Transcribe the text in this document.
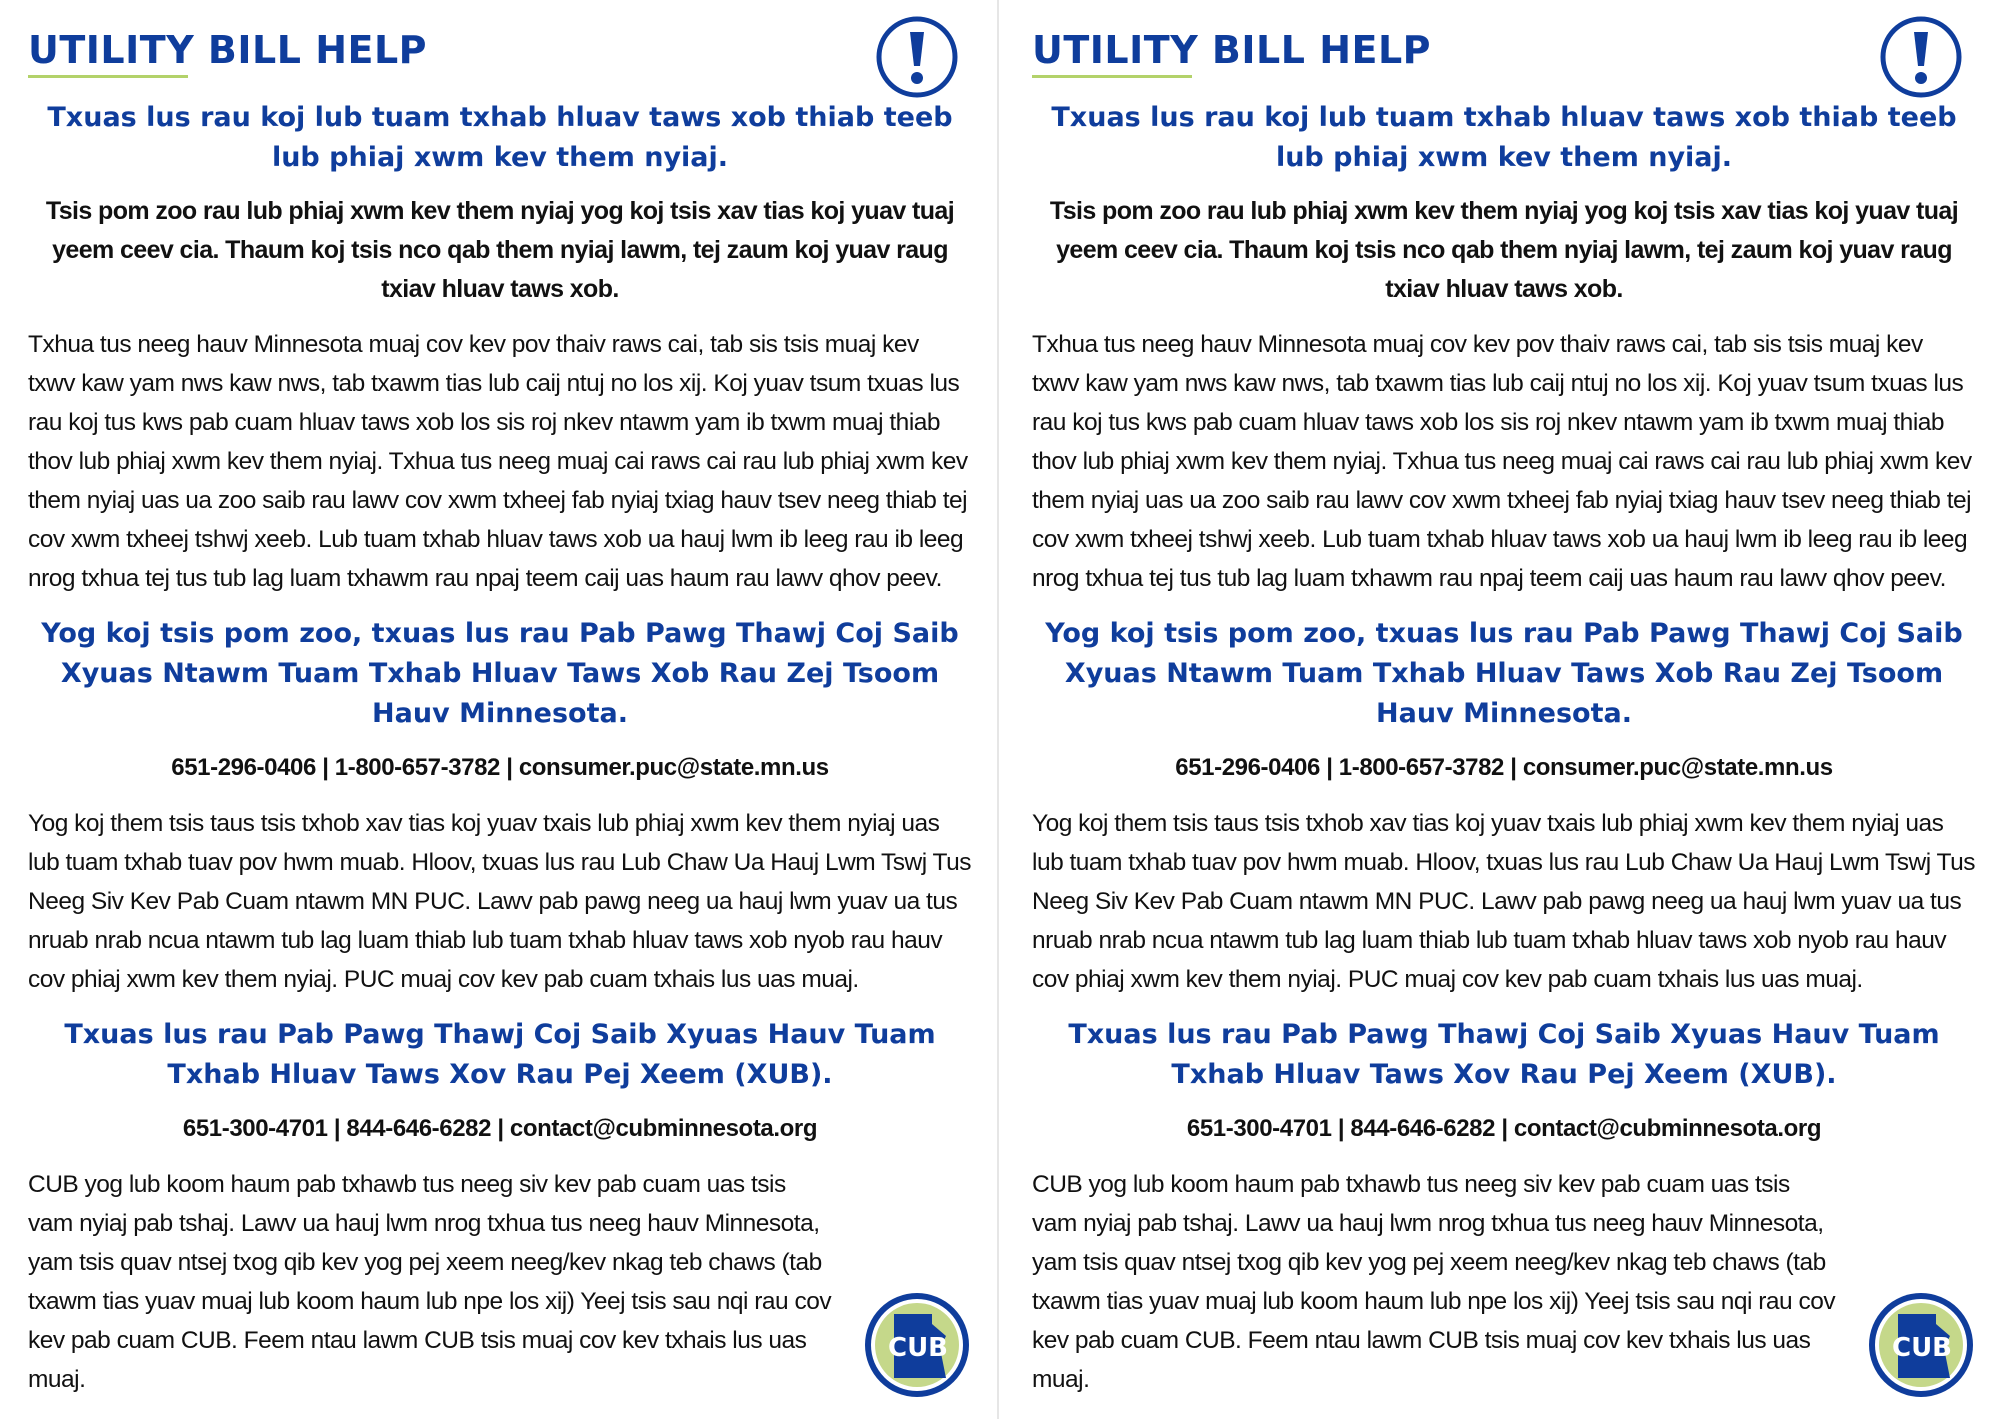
UTILITY BILL HELP
Txuas lus rau koj lub tuam txhab hluav taws xob thiab teeb lub phiaj xwm kev them nyiaj.

Tsis pom zoo rau lub phiaj xwm kev them nyiaj yog koj tsis xav tias koj yuav tuaj yeem ceev cia. Thaum koj tsis nco qab them nyiaj lawm, tej zaum koj yuav raug txiav hluav taws xob.

Txhua tus neeg hauv Minnesota muaj cov kev pov thaiv raws cai, tab sis tsis muaj kev txwv kaw yam nws kaw nws, tab txawm tias lub caij ntuj no los xij. Koj yuav tsum txuas lus rau koj tus kws pab cuam hluav taws xob los sis roj nkev ntawm yam ib txwm muaj thiab thov lub phiaj xwm kev them nyiaj. Txhua tus neeg muaj cai raws cai rau lub phiaj xwm kev them nyiaj uas ua zoo saib rau lawv cov xwm txheej fab nyiaj txiag hauv tsev neeg thiab tej cov xwm txheej tshwj xeeb. Lub tuam txhab hluav taws xob ua hauj lwm ib leeg rau ib leeg nrog txhua tej tus tub lag luam txhawm rau npaj teem caij uas haum rau lawv qhov peev.

Yog koj tsis pom zoo, txuas lus rau Pab Pawg Thawj Coj Saib Xyuas Ntawm Tuam Txhab Hluav Taws Xob Rau Zej Tsoom Hauv Minnesota.

651-296-0406 | 1-800-657-3782 | consumer.puc@state.mn.us

Yog koj them tsis taus tsis txhob xav tias koj yuav txais lub phiaj xwm kev them nyiaj uas lub tuam txhab tuav pov hwm muab. Hloov, txuas lus rau Lub Chaw Ua Hauj Lwm Tswj Tus Neeg Siv Kev Pab Cuam ntawm MN PUC. Lawv pab pawg neeg ua hauj lwm yuav ua tus nruab nrab ncua ntawm tub lag luam thiab lub tuam txhab hluav taws xob nyob rau hauv cov phiaj xwm kev them nyiaj. PUC muaj cov kev pab cuam txhais lus uas muaj.

Txuas lus rau Pab Pawg Thawj Coj Saib Xyuas Hauv Tuam Txhab Hluav Taws Xov Rau Pej Xeem (XUB).

651-300-4701 | 844-646-6282 | contact@cubminnesota.org

CUB yog lub koom haum pab txhawb tus neeg siv kev pab cuam uas tsis vam nyiaj pab tshaj. Lawv ua hauj lwm nrog txhua tus neeg hauv Minnesota, yam tsis quav ntsej txog qib kev yog pej xeem neeg/kev nkag teb chaws (tab txawm tias yuav muaj lub koom haum lub npe los xij) Yeej tsis sau nqi rau cov kev pab cuam CUB. Feem ntau lawm CUB tsis muaj cov kev txhais lus uas muaj.

CUB
UTILITY BILL HELP
Txuas lus rau koj lub tuam txhab hluav taws xob thiab teeb lub phiaj xwm kev them nyiaj.

Tsis pom zoo rau lub phiaj xwm kev them nyiaj yog koj tsis xav tias koj yuav tuaj yeem ceev cia. Thaum koj tsis nco qab them nyiaj lawm, tej zaum koj yuav raug txiav hluav taws xob.

Txhua tus neeg hauv Minnesota muaj cov kev pov thaiv raws cai, tab sis tsis muaj kev txwv kaw yam nws kaw nws, tab txawm tias lub caij ntuj no los xij. Koj yuav tsum txuas lus rau koj tus kws pab cuam hluav taws xob los sis roj nkev ntawm yam ib txwm muaj thiab thov lub phiaj xwm kev them nyiaj. Txhua tus neeg muaj cai raws cai rau lub phiaj xwm kev them nyiaj uas ua zoo saib rau lawv cov xwm txheej fab nyiaj txiag hauv tsev neeg thiab tej cov xwm txheej tshwj xeeb. Lub tuam txhab hluav taws xob ua hauj lwm ib leeg rau ib leeg nrog txhua tej tus tub lag luam txhawm rau npaj teem caij uas haum rau lawv qhov peev.

Yog koj tsis pom zoo, txuas lus rau Pab Pawg Thawj Coj Saib Xyuas Ntawm Tuam Txhab Hluav Taws Xob Rau Zej Tsoom Hauv Minnesota.

651-296-0406 | 1-800-657-3782 | consumer.puc@state.mn.us

Yog koj them tsis taus tsis txhob xav tias koj yuav txais lub phiaj xwm kev them nyiaj uas lub tuam txhab tuav pov hwm muab. Hloov, txuas lus rau Lub Chaw Ua Hauj Lwm Tswj Tus Neeg Siv Kev Pab Cuam ntawm MN PUC. Lawv pab pawg neeg ua hauj lwm yuav ua tus nruab nrab ncua ntawm tub lag luam thiab lub tuam txhab hluav taws xob nyob rau hauv cov phiaj xwm kev them nyiaj. PUC muaj cov kev pab cuam txhais lus uas muaj.

Txuas lus rau Pab Pawg Thawj Coj Saib Xyuas Hauv Tuam Txhab Hluav Taws Xov Rau Pej Xeem (XUB).

651-300-4701 | 844-646-6282 | contact@cubminnesota.org

CUB yog lub koom haum pab txhawb tus neeg siv kev pab cuam uas tsis vam nyiaj pab tshaj. Lawv ua hauj lwm nrog txhua tus neeg hauv Minnesota, yam tsis quav ntsej txog qib kev yog pej xeem neeg/kev nkag teb chaws (tab txawm tias yuav muaj lub koom haum lub npe los xij) Yeej tsis sau nqi rau cov kev pab cuam CUB. Feem ntau lawm CUB tsis muaj cov kev txhais lus uas muaj.

CUB
